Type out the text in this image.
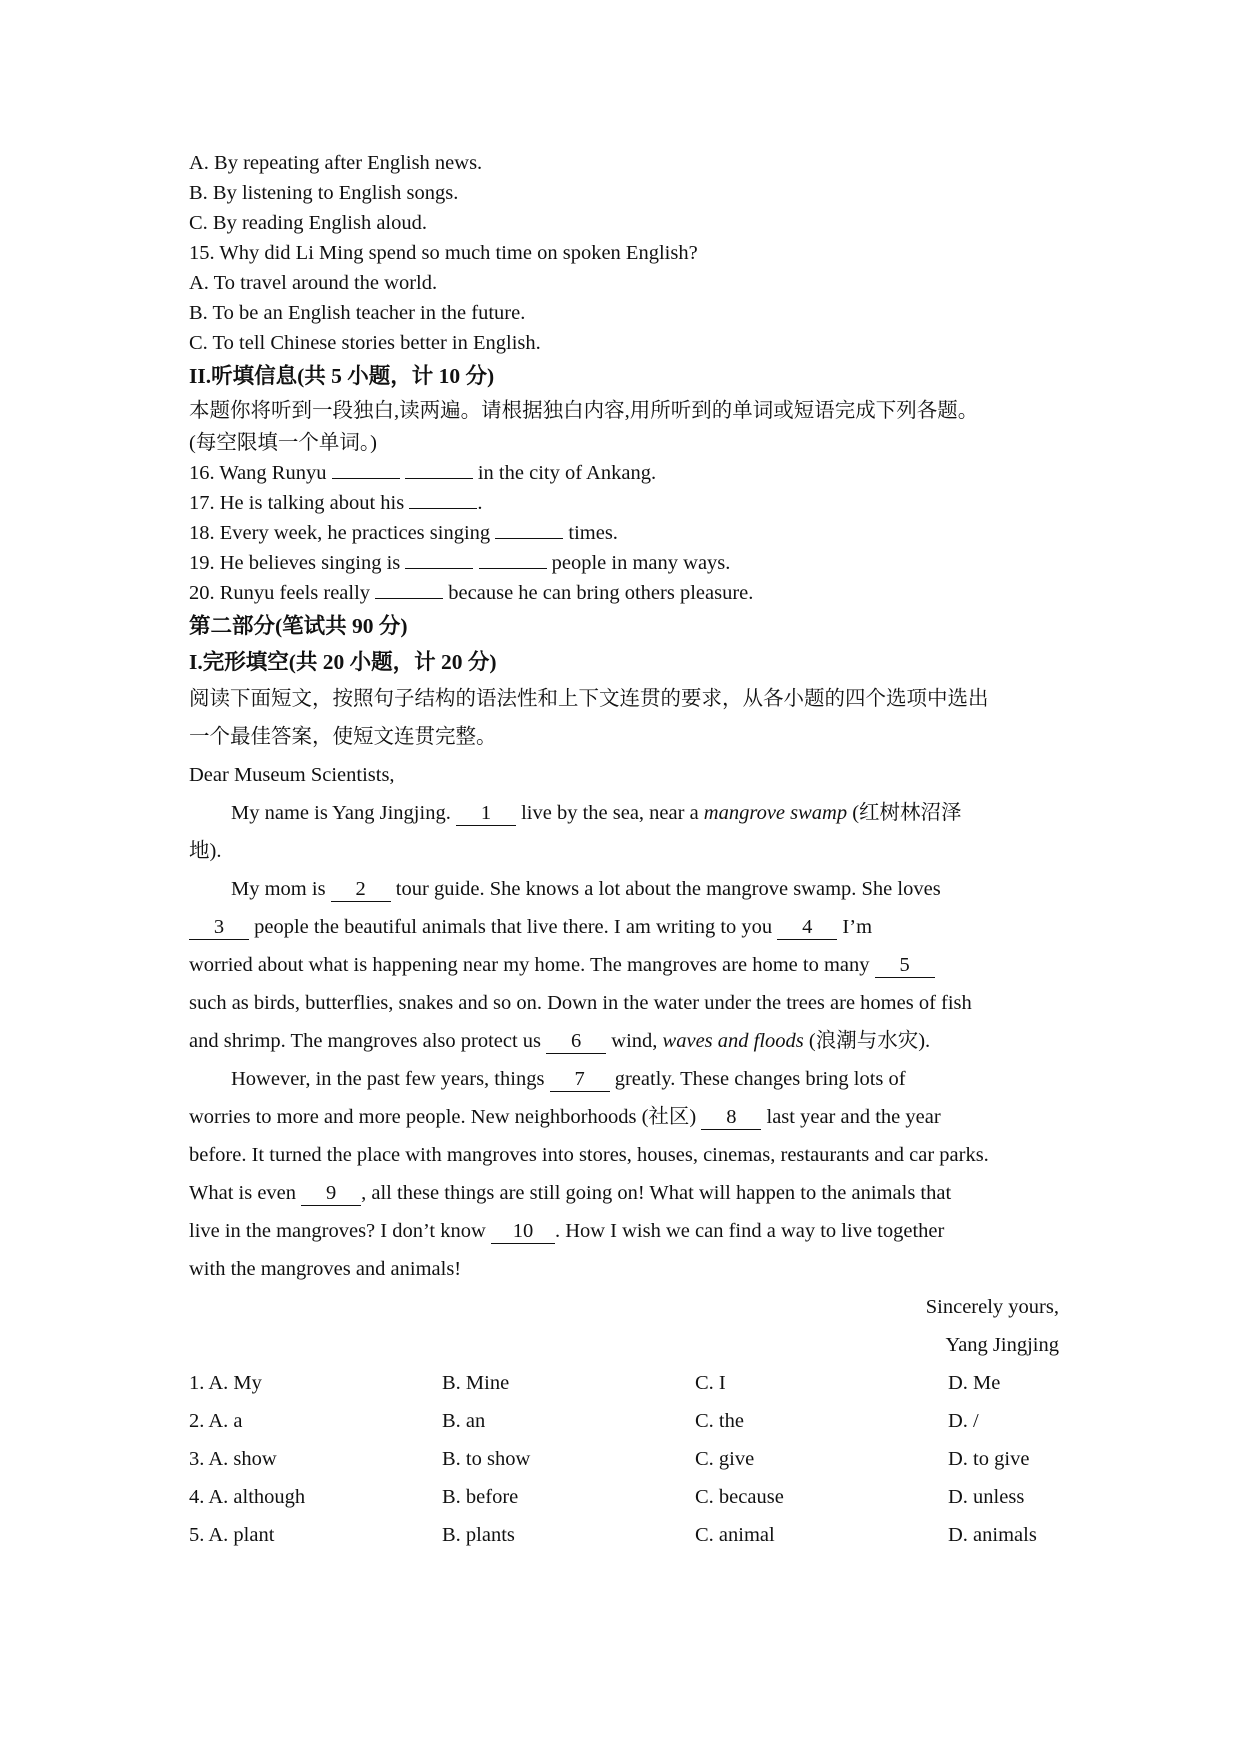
A. By repeating after English news.
B. By listening to English songs.
C. By reading English aloud.
15. Why did Li Ming spend so much time on spoken English?
A. To travel around the world.
B. To be an English teacher in the future.
C. To tell Chinese stories better in English.
II.听填信息(共 5 小题，计 10 分)
本题你将听到一段独白,读两遍。请根据独白内容,用所听到的单词或短语完成下列各题。
(每空限填一个单词。)
16. Wang Runyu	in the city of Ankang.
17. He is talking about his	.
18. Every week, he practices singing	times.
19. He believes singing is	people in many ways.
20. Runyu feels really	because he can bring others pleasure.
第二部分(笔试共 90 分)
I.完形填空(共 20 小题，计 20 分)
阅读下面短文，按照句子结构的语法性和上下文连贯的要求，从各小题的四个选项中选出
一个最佳答案，使短文连贯完整。
Dear Museum Scientists,
My name is Yang Jingjing. 1 live by the sea, near a mangrove swamp (红树林沼泽
地).
My mom is 2 tour guide. She knows a lot about the mangrove swamp. She loves
3 people the beautiful animals that live there. I am writing to you 4 I’m
worried about what is happening near my home. The mangroves are home to many 5
such as birds, butterflies, snakes and so on. Down in the water under the trees are homes of fish
and shrimp. The mangroves also protect us 6 wind, waves and floods (浪潮与水灾).
However, in the past few years, things 7 greatly. These changes bring lots of
worries to more and more people. New neighborhoods (社区) 8 last year and the year
before. It turned the place with mangroves into stores, houses, cinemas, restaurants and car parks.
What is even 9 , all these things are still going on! What will happen to the animals that
live in the mangroves? I don’t know 10 . How I wish we can find a way to live together
with the mangroves and animals!
Sincerely yours,
Yang Jingjing
1. A. My	B. Mine	C. I	D. Me
2. A. a	B. an	C. the	D. /
3. A. show	B. to show	C. give	D. to give
4. A. although	B. before	C. because	D. unless
5. A. plant	B. plants	C. animal	D. animals
